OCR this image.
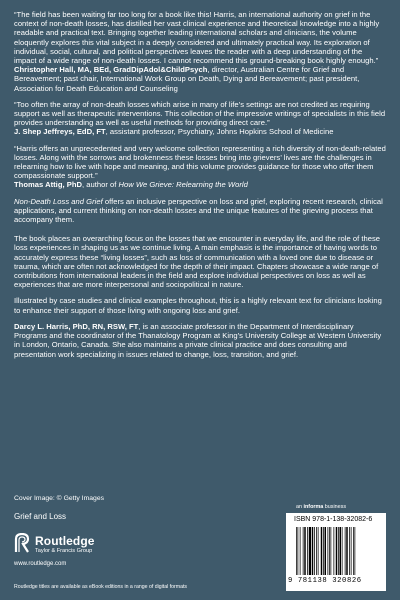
“The field has been waiting far too long for a book like this! Harris, an international authority on grief in the context of non-death losses, has distilled her vast clinical experience and theoretical knowledge into a highly readable and practical text. Bringing together leading international scholars and clinicians, the volume eloquently explores this vital subject in a deeply considered and ultimately practical way. Its exploration of individual, social, cultural, and political perspectives leaves the reader with a deep understanding of the impact of a wide range of non-death losses. I cannot recommend this ground-breaking book highly enough.”
Christopher Hall, MA, BEd, GradDipAdol&ChildPsych, director, Australian Centre for Grief and Bereavement; past chair, International Work Group on Death, Dying and Bereavement; past president, Association for Death Education and Counseling

“Too often the array of non-death losses which arise in many of life’s settings are not credited as requiring support as well as therapeutic interventions. This collection of the impressive writings of specialists in this field provides understanding as well as useful methods for providing direct care.”
J. Shep Jeffreys, EdD, FT, assistant professor, Psychiatry, Johns Hopkins School of Medicine

“Harris offers an unprecedented and very welcome collection representing a rich diversity of non-death-related losses. Along with the sorrows and brokenness these losses bring into grievers’ lives are the challenges in relearning how to live with hope and meaning, and this volume provides guidance for those who offer them compassionate support.”
Thomas Attig, PhD, author of How We Grieve: Relearning the World

Non-Death Loss and Grief offers an inclusive perspective on loss and grief, exploring recent research, clinical applications, and current thinking on non-death losses and the unique features of the grieving process that accompany them.

The book places an overarching focus on the losses that we encounter in everyday life, and the role of these loss experiences in shaping us as we continue living. A main emphasis is the importance of having words to accurately express these “living losses”, such as loss of communication with a loved one due to disease or trauma, which are often not acknowledged for the depth of their impact. Chapters showcase a wide range of contributions from international leaders in the field and explore individual perspectives on loss as well as experiences that are more interpersonal and sociopolitical in nature.

Illustrated by case studies and clinical examples throughout, this is a highly relevant text for clinicians looking to enhance their support of those living with ongoing loss and grief.

Darcy L. Harris, PhD, RN, RSW, FT, is an associate professor in the Department of Interdisciplinary Programs and the coordinator of the Thanatology Program at King’s University College at Western University in London, Ontario, Canada. She also maintains a private clinical practice and does consulting and presentation work specializing in issues related to change, loss, transition, and grief.

Cover Image: © Getty Images
Grief and Loss
Routledge
Taylor & Francis Group
www.routledge.com
Routledge titles are available as eBook editions in a range of digital formats
an informa business
ISBN 978-1-138-32082-6
9 781138 320826
